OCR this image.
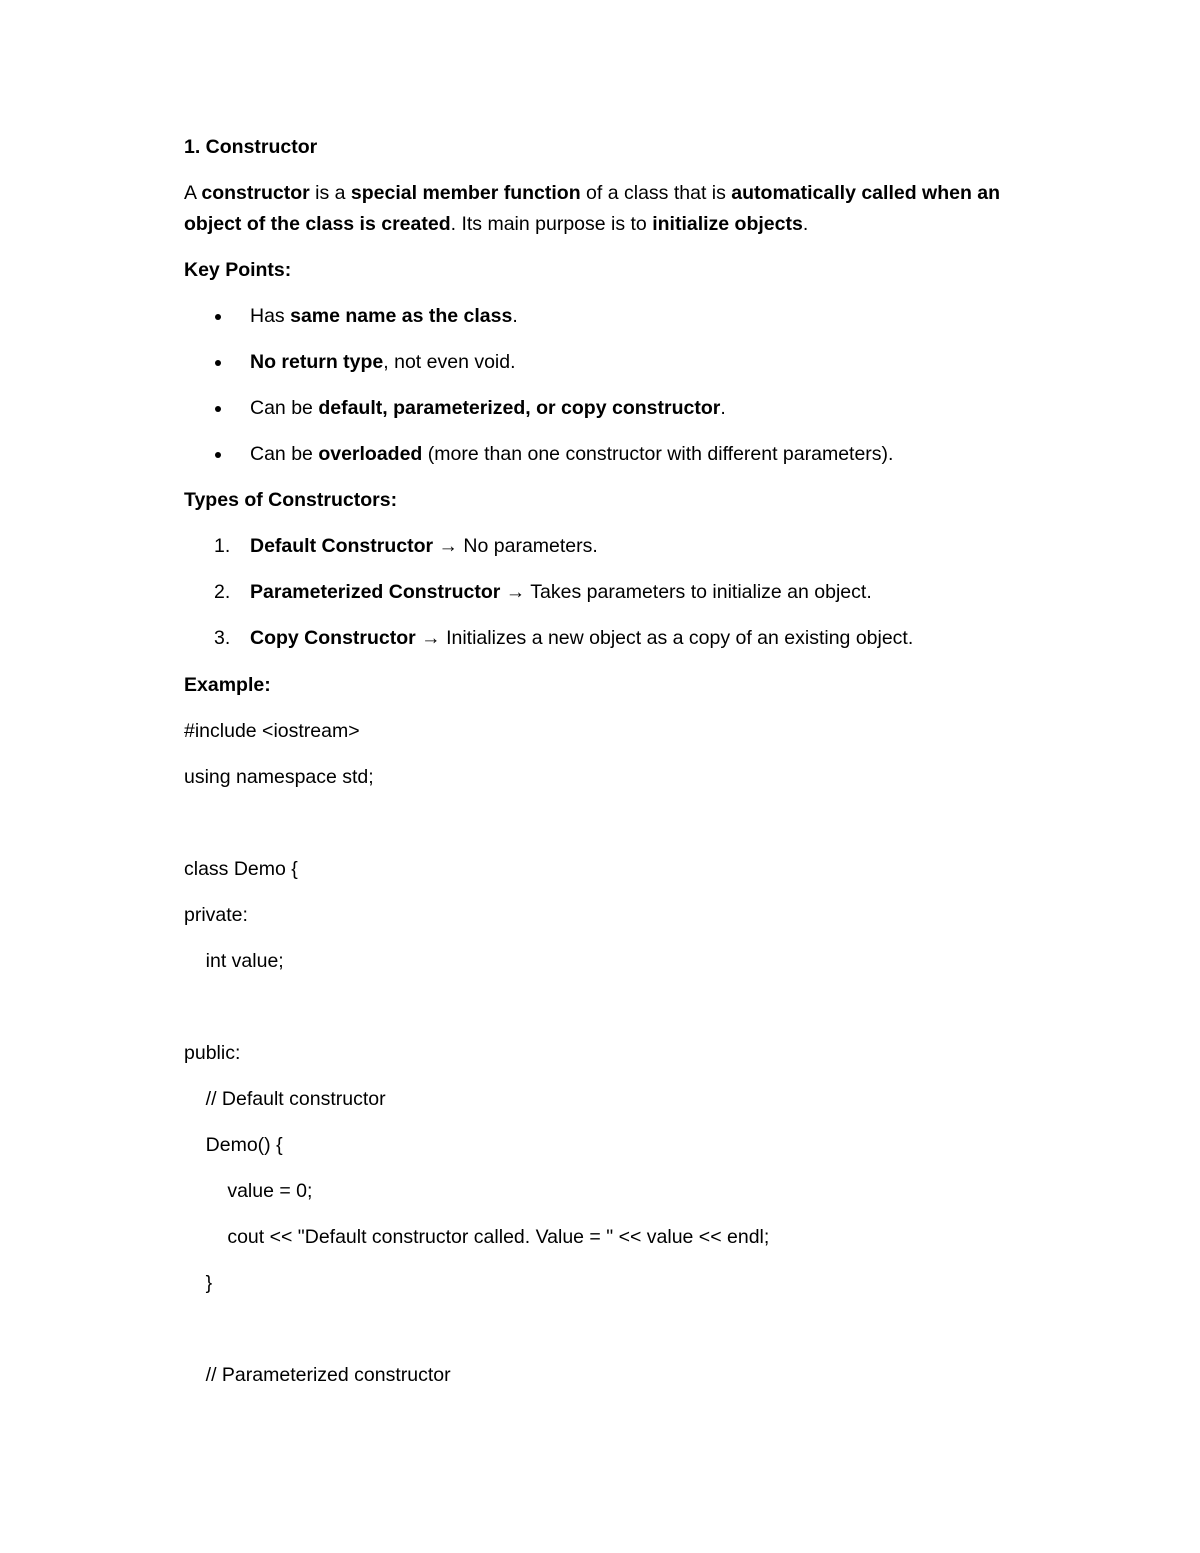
1. Constructor
A constructor is a special member function of a class that is automatically called when an
object of the class is created. Its main purpose is to initialize objects.
Key Points:
Has same name as the class.
No return type, not even void.
Can be default, parameterized, or copy constructor.
Can be overloaded (more than one constructor with different parameters).
Types of Constructors:
1. Default Constructor → No parameters.
2. Parameterized Constructor → Takes parameters to initialize an object.
3. Copy Constructor → Initializes a new object as a copy of an existing object.
Example:
#include <iostream>
using namespace std;
class Demo {
private:
int value;
public:
// Default constructor
Demo() {
value = 0;
cout << "Default constructor called. Value = " << value << endl;
}
// Parameterized constructor
